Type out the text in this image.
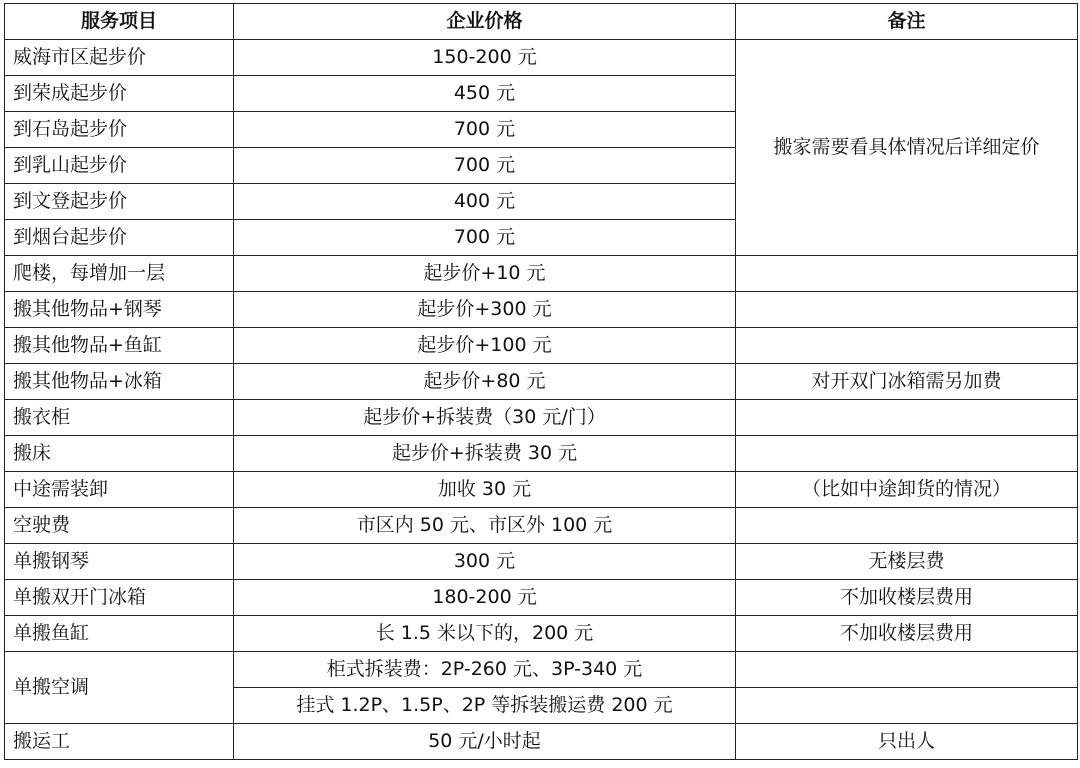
服务项目	企业价格	备注
威海市区起步价	150-200 元	搬家需要看具体情况后详细定价
到荣成起步价	450 元	
到石岛起步价	700 元	
到乳山起步价	700 元	
到文登起步价	400 元	
到烟台起步价	700 元	
爬楼，每增加一层	起步价+10 元	
搬其他物品+钢琴	起步价+300 元	
搬其他物品+鱼缸	起步价+100 元	
搬其他物品+冰箱	起步价+80 元	对开双门冰箱需另加费
搬衣柜	起步价+拆装费（30 元/门）	
搬床	起步价+拆装费 30 元	
中途需装卸	加收 30 元	（比如中途卸货的情况）
空驶费	市区内 50 元、市区外 100 元	
单搬钢琴	300 元	无楼层费
单搬双开门冰箱	180-200 元	不加收楼层费用
单搬鱼缸	长 1.5 米以下的，200 元	不加收楼层费用
单搬空调	柜式拆装费：2P-260 元、3P-340 元	
	挂式 1.2P、1.5P、2P 等拆装搬运费 200 元	
搬运工	50 元/小时起	只出人
